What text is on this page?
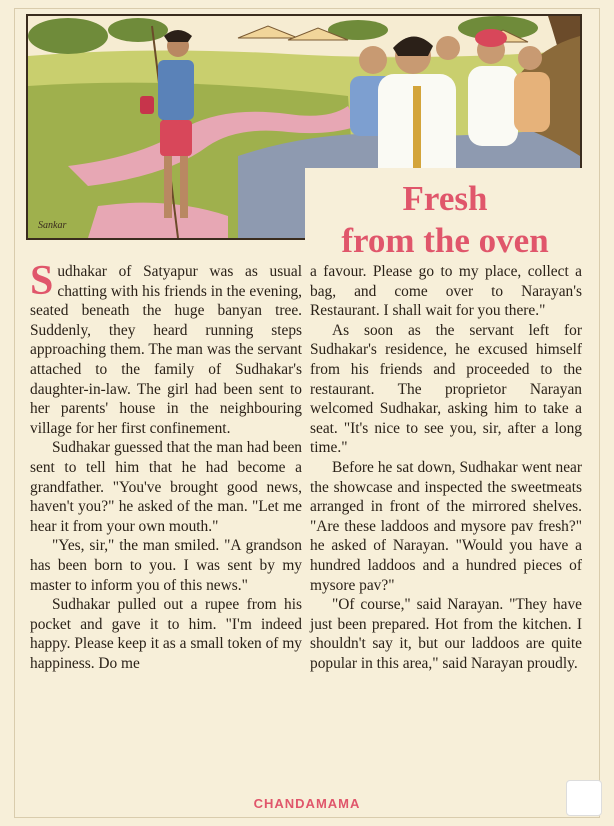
Sankar
Fresh
from the oven

Sudhakar of Satyapur was as usual chatting with his friends in the evening, seated beneath the huge banyan tree. Suddenly, they heard running steps approaching them. The man was the servant attached to the family of Sudhakar's daughter-in-law. The girl had been sent to her parents' house in the neighbouring village for her first confinement.

Sudhakar guessed that the man had been sent to tell him that he had become a grandfather. "You've brought good news, haven't you?" he asked of the man. "Let me hear it from your own mouth."

"Yes, sir," the man smiled. "A grandson has been born to you. I was sent by my master to inform you of this news."

Sudhakar pulled out a rupee from his pocket and gave it to him. "I'm indeed happy. Please keep it as a small token of my happiness. Do me

a favour. Please go to my place, collect a bag, and come over to Narayan's Restaurant. I shall wait for you there."

As soon as the servant left for Sudhakar's residence, he excused himself from his friends and proceeded to the restaurant. The proprietor Narayan welcomed Sudhakar, asking him to take a seat. "It's nice to see you, sir, after a long time."

Before he sat down, Sudhakar went near the showcase and inspected the sweetmeats arranged in front of the mirrored shelves. "Are these laddoos and mysore pav fresh?" he asked of Narayan. "Would you have a hundred laddoos and a hundred pieces of mysore pav?"

"Of course," said Narayan. "They have just been prepared. Hot from the kitchen. I shouldn't say it, but our laddoos are quite popular in this area," said Narayan proudly.

CHANDAMAMA
